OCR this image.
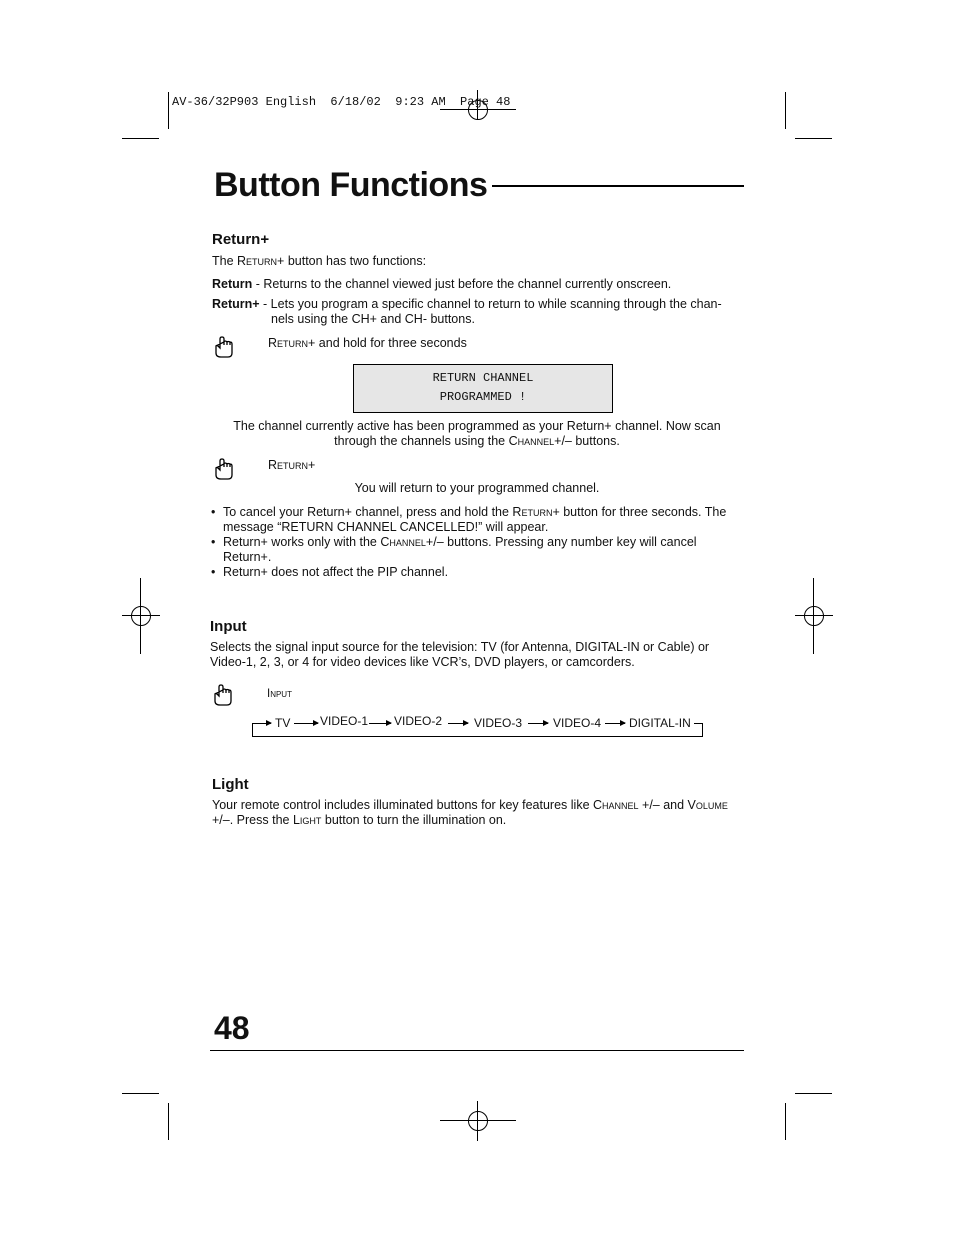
AV-36/32P903 English  6/18/02  9:23 AM  Page 48
Button Functions
Return+
The Return+ button has two functions:
Return - Returns to the channel viewed just before the channel currently onscreen.
Return+ - Lets you program a specific channel to return to while scanning through the chan-
nels using the CH+ and CH- buttons.
Return+ and hold for three seconds
RETURN CHANNEL
PROGRAMMED !
The channel currently active has been programmed as your Return+ channel. Now scan
through the channels using the Channel+/– buttons.
Return+
You will return to your programmed channel.
• To cancel your Return+ channel, press and hold the Return+ button for three seconds. The
message “RETURN CHANNEL CANCELLED!” will appear.
• Return+ works only with the Channel+/– buttons. Pressing any number key will cancel
Return+.
• Return+ does not affect the PIP channel.
Input
Selects the signal input source for the television: TV (for Antenna, DIGITAL-IN or Cable) or
Video-1, 2, 3, or 4 for video devices like VCR’s, DVD players, or camcorders.
Input
TV VIDEO-1 VIDEO-2	VIDEO-3	VIDEO-4 DIGITAL-IN
Light
Your remote control includes illuminated buttons for key features like Channel +/– and Volume
+/–. Press the Light button to turn the illumination on.
48
